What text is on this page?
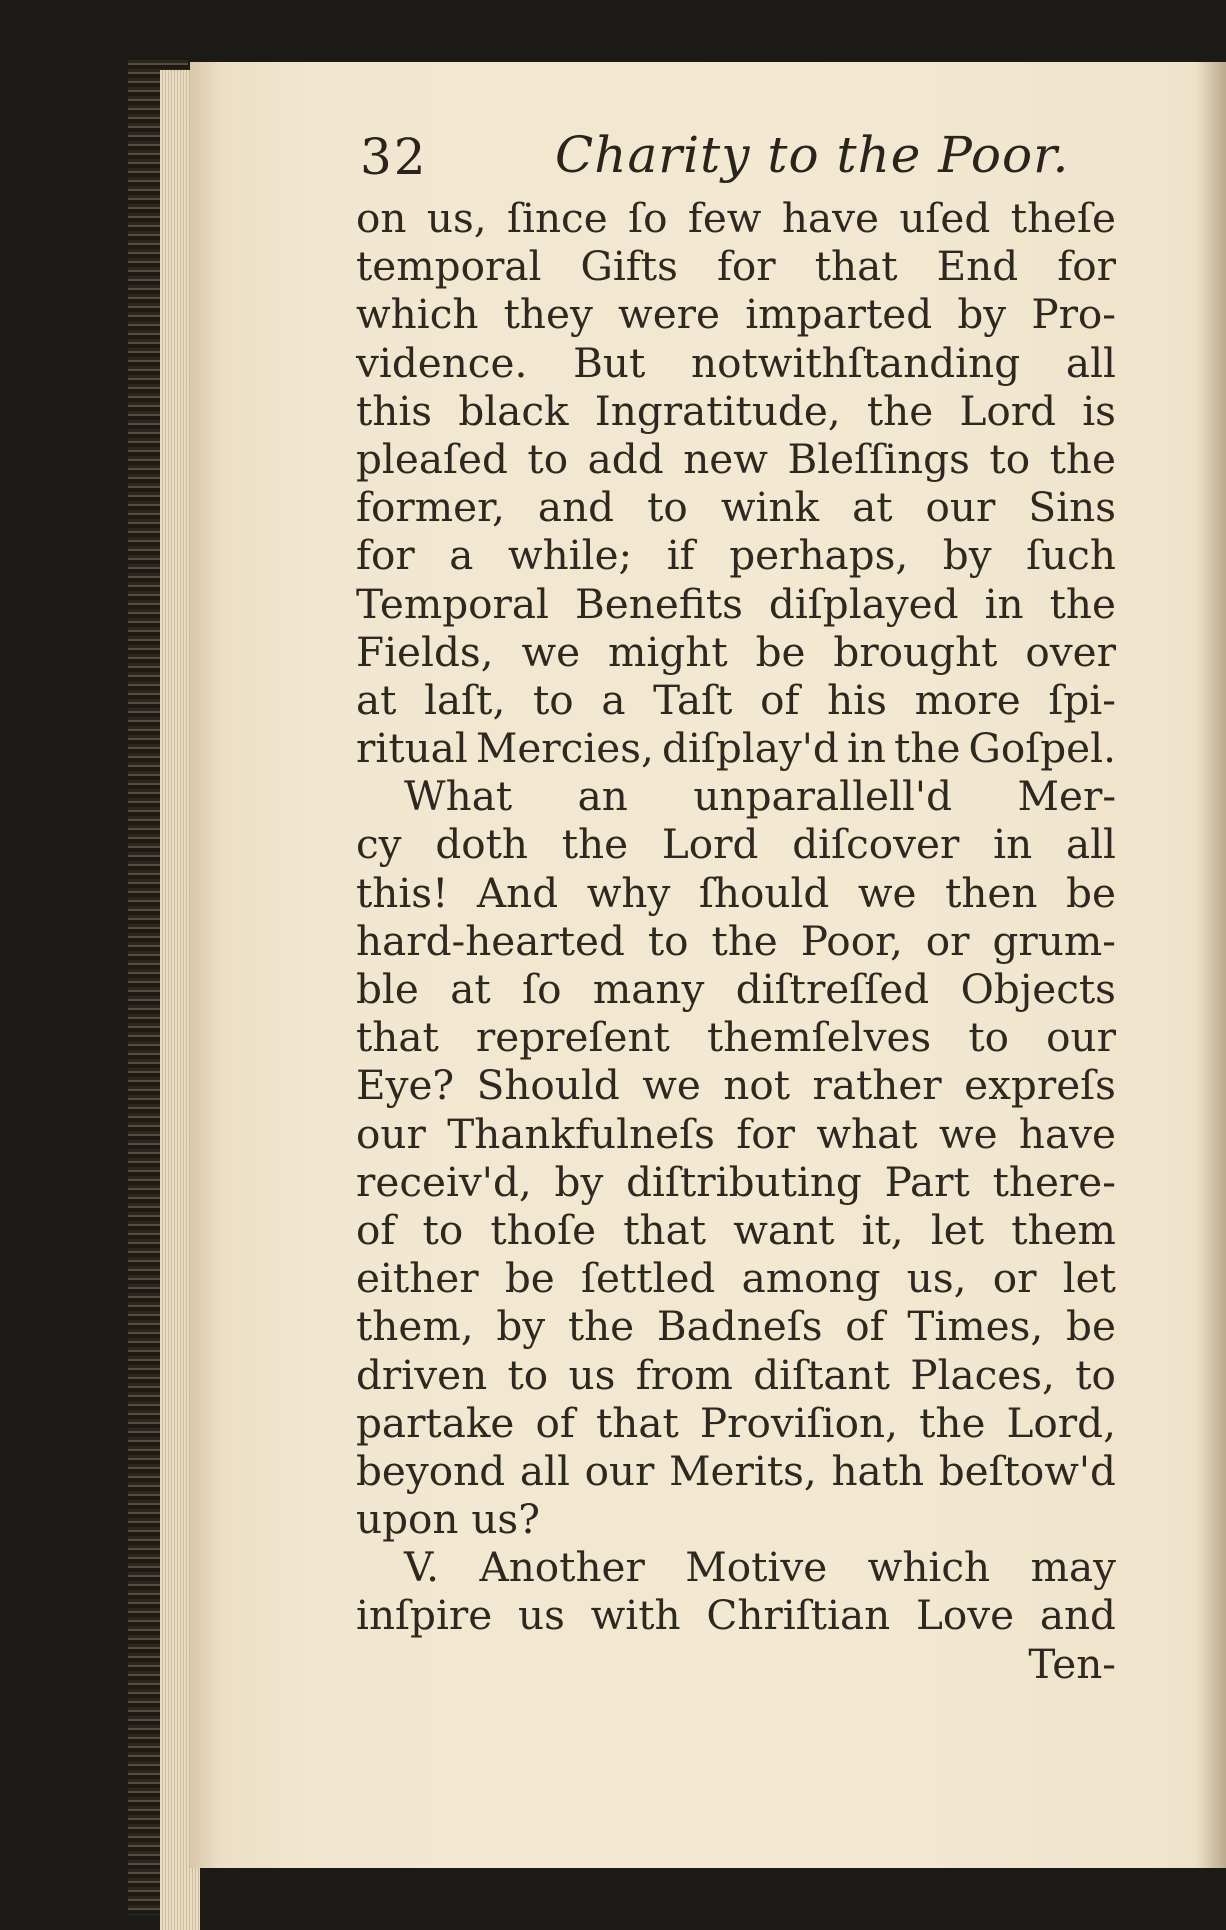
32	Charity to the Poor.
on us, ſince ſo few have uſed theſe
temporal Gifts for that End for
which they were imparted by Pro-
vidence. But notwithſtanding all
this black Ingratitude, the Lord is
pleaſed to add new Bleſſings to the
former, and to wink at our Sins
for a while; if perhaps, by ſuch
Temporal Benefits diſplayed in the
Fields, we might be brought over
at laſt, to a Taſt of his more ſpi-
ritual Mercies, diſplay'd in the Goſpel.
What an unparallell'd Mer-
cy doth the Lord diſcover in all
this! And why ſhould we then be
hard-hearted to the Poor, or grum-
ble at ſo many diſtreſſed Objects
that repreſent themſelves to our
Eye? Should we not rather expreſs
our Thankfulneſs for what we have
receiv'd, by diſtributing Part there-
of to thoſe that want it, let them
either be ſettled among us, or let
them, by the Badneſs of Times, be
driven to us from diſtant Places, to
partake of that Proviſion, the Lord,
beyond all our Merits, hath beſtow'd
upon us?
V. Another Motive which may
inſpire us with Chriſtian Love and
Ten-
